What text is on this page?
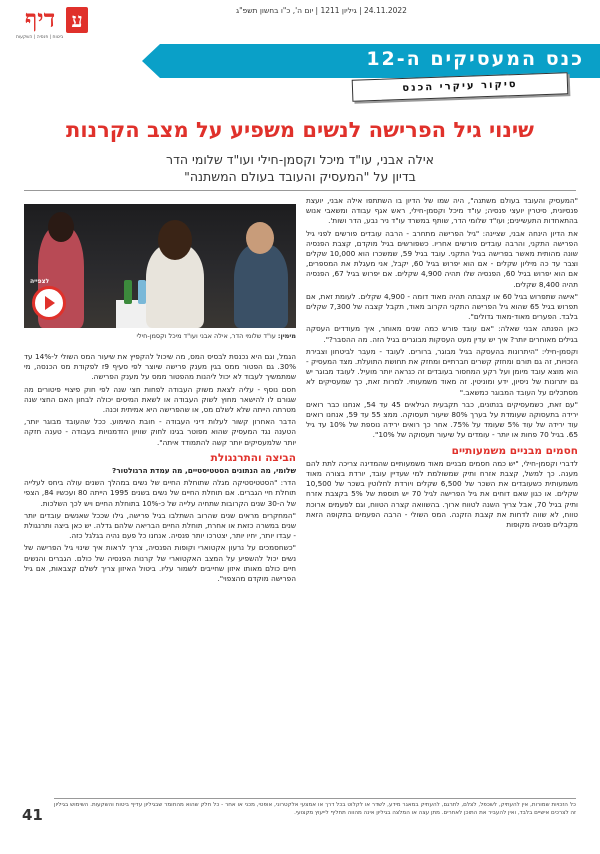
24.11.2022 | גיליון 1211 | יום ה', כ"ו בחשון תשפ"ג
דיף ע
ביטוח | פנסיה | השקעות
כנס המעסיקים ה-12
סיקור עיקרי הכנס
שינוי גיל הפרישה לנשים משפיע על מצב הקרנות
אילה אבני, עו"ד מיכל וקסמן-חילי ועו"ד שלומי הדר
בדיון על "המעסיק והעובד בעולם המשתנה"

"המעסיק והעובד בעולם משתנה", היה שמו של הדיון בו השתתפו אילה אבני, יועצת פנסיונית, סיטרין יועצי פנסיה; עו"ד מיכל וקסמן-חילי, ראש אגף עבודה ומשאבי אנוש בהתאחדות התעשיינים; ועו"ד שלומי הדר, שותף במשרד עו"ד ניר נבע, הדר ושות'.

את הדיון הינחה אבני, שציינה: "גיל הפרישה מתחרב - הרבה עובדים פורשים לפני גיל הפרישה התקני, והרבה עובדים פורשים אחריו. כשפורשים בגיל מוקדם, קצבת הפנסיה שונה מהותית מאשר בפרישה בגיל התקני. עובד בגיל 59, שמשכרו הוא 10,000 שקלים וצבר עד כה מיליון שקלים - אם הוא יפרוש בגיל 60, יקבל, אני מעגלת את המספרים, אם הוא יפרוש בגיל 60, הפנסיה שלו תהיה 4,900 שקלים. אם יפרוש בגיל 67, הפנסיה תהיה 8,400 שקלים.

"אישה שתפרוש בגיל 60 או קצבתה תהיה מאוד דומה - 4,900 שקלים. לעומת זאת, אם תפרוש בגיל 65 שהוא גיל הפרישה התקני הקרוב מאוד, תקבל קצבה של 7,300 שקלים בלבד. הפערים מאוד-מאוד גדולים".

כאן הפנתה אבני שאלה: "אם עובד פורש כמה שנים מאוחר, איך מעודדים העסקה בגילים מאוחרים יותר? איך יש עדין מעט העסקות מבוגרים בגיל הזה. מה ההסבר?".

וקסמן-חילי: "היתרונות בהעסקה בגיל מבוגר, ברורים. לעובד - מעבר לביטחון וצבירת הזכויות, זה גם תורם ומחזק קשרים חברתיים ומחזק את תחושת התועלת. מצד המעסיק - הוא מוצא עובד מיומן ועל רקע המחסור בעובדים זה כנראה יותר מועיל. לעובד מבוגר יש גם יתרונות של ניסיון, ידע ומוניטין. זה מאוד משמעותי. למרות זאת, כך שמעסיקים לא מסתכלים על העובד המבוגר כמשאב."

"עם זאת, כשמעסיקים בנתונים, כבר תקבעית הגילאים 45 עד 54, אנחנו כבר רואים ירידה בתעסוקה שעומדת על בערך 80% שיעור תעסוקה. ממצ 55 עד 59, אנחנו רואים עוד ירידה של עוד 5% שעומד על 75%. אחר כך רואים ירידה נוספת של 10% עד גיל 65. בגיל 70 פחות או יותר - עומדים על שיעור תעסוקה של 10%".

חסמים מבניים משמעותיים

לדברי וקסמן-חילי, "יש כמה חסמים מבניים מאוד משמעותיים שהמדינה צריכה לתת להם מענה. כך למשל, קצבת אזרח ותיק שמשולמת למי שעדיין עובד, יורדת בצורה מאוד משמעותית כשעובדים את השכר של 6,500 שקלים ויורדת לחלוטין בשכר של 10,500 שקלים. או כגון שאם דוחים את גיל הפרישה לגיל 70 יש תוספת של 5% בקצבת אזרח ותיק בגיל 70, אבל צריך השנה לטווח ארוך. בהשוואה קצרה הטווח, וגם לפעמים ארוכת טווח, לא שווה לדחות את קצבת הזקנה. המס השולי - הרבה הפעמים בתקופה הזאת מקבלים פנסיה מקופות

לצפייה
מימין: עו"ד שלומי הדר, אילה אבני ועו"ד מיכל וקסמן-חילי

הגמל, וגם היא נכנסת לבסיס המס, מה שיכול להקפיץ את שיעור המס השולי ל-14% עד 30%. גם הפטור ממס בגין מענק פרישה שיוצר לפי סעיף 9ז לפקודת מס הכנסה, מי שמתמשיך לעבוד לא יכול ליהנות מהפטור ממס על מענק הפרישה.

חסם נוסף - עליה לצאת משוק העבודה לפחות חצי שנה לפי חוק פיצויי פיטורים מה שגורם לו להישאר מחוץ לשוק העבודה או לשאת המיסים יכולה לבחון האם החצי שנה מטרתה הייתה שלא לשלם מס, או שהפרישה היא אמיתית וכנה.

הדבר האחרון קשור לעלות דיני העבודה - חובת השימוע. ככל שהעובד מבוגר יותר, הטענה נגד המעסיק שהוא מפוטר בגינו לחוק שוויון הזדמנויות בעבודה - טענה חזקה יותר שלמעסיקים יותר קשה להתמודד איתה".

הביצה והתרנגולת

שלומי, מה הנתונים הסטטיסטיים, מה עמדת הרגולטור?

הדר: "הסטטיסטיקה מגלה שתוחלת החיים של נשים במהלך השנים עולה ביחס לעלייה תוחלת חיי הגברים. אם תוחלת החיים של נשים בשנים 1995 הייתה 80 ועכשיו 84, הצפי של ה-30 שנים הקרובות שתחיה עלייה של כ-10% בתוחלת החיים ויש לכך השלכות.

"המחקרים מראים שנים שהרוב השתלבו בגיל פרישה, גילו שככל שאנשים עובדים יותר שנים במשרה כזאת או אחרת, תוחלת החיים הבריאה שלהם גדלה. יש כאן ביצה ותרנגולת - עבדו יותר, יחיו יותר, יצטרכו יותר פנסיה. אנחנו כל פעם נהיה בגלגל כזה.

"כשחסמכים על נרעון אקטוארי וקופות הפנסיה, צריך לראות איך שינוי גיל הפרישה של נשים יכול להשפיע על המצב האקטוארי של קרנות הפנסיה של כולם. הגברים והנשים חיים כולם מאותו איזון שחייבים לשמור עליו. ביטול האיזון צריך לשלם קצבאות, אם גיל הפרישה מוקדם מהצפוי".

כל הזכויות שמורות, אין להעתיק, לשכפל, לצלם, לתרגם, להעתיק במאגר מידע, לשדר או לקלוט בכל דרך או אמצעי אלקטרוני, אופטי, מכני או אחר - כל חלק שהוא מהחומר שבגיליון עדיף ביטוח והשקעות. השימוש בגיליון זה לצרכים אישיים בלבד, ואין להעביר את התוכן לאחרים. מתן עצה או המלצה בגיליון אינה מהווה תחליף לייעוץ מקצועי.
41
